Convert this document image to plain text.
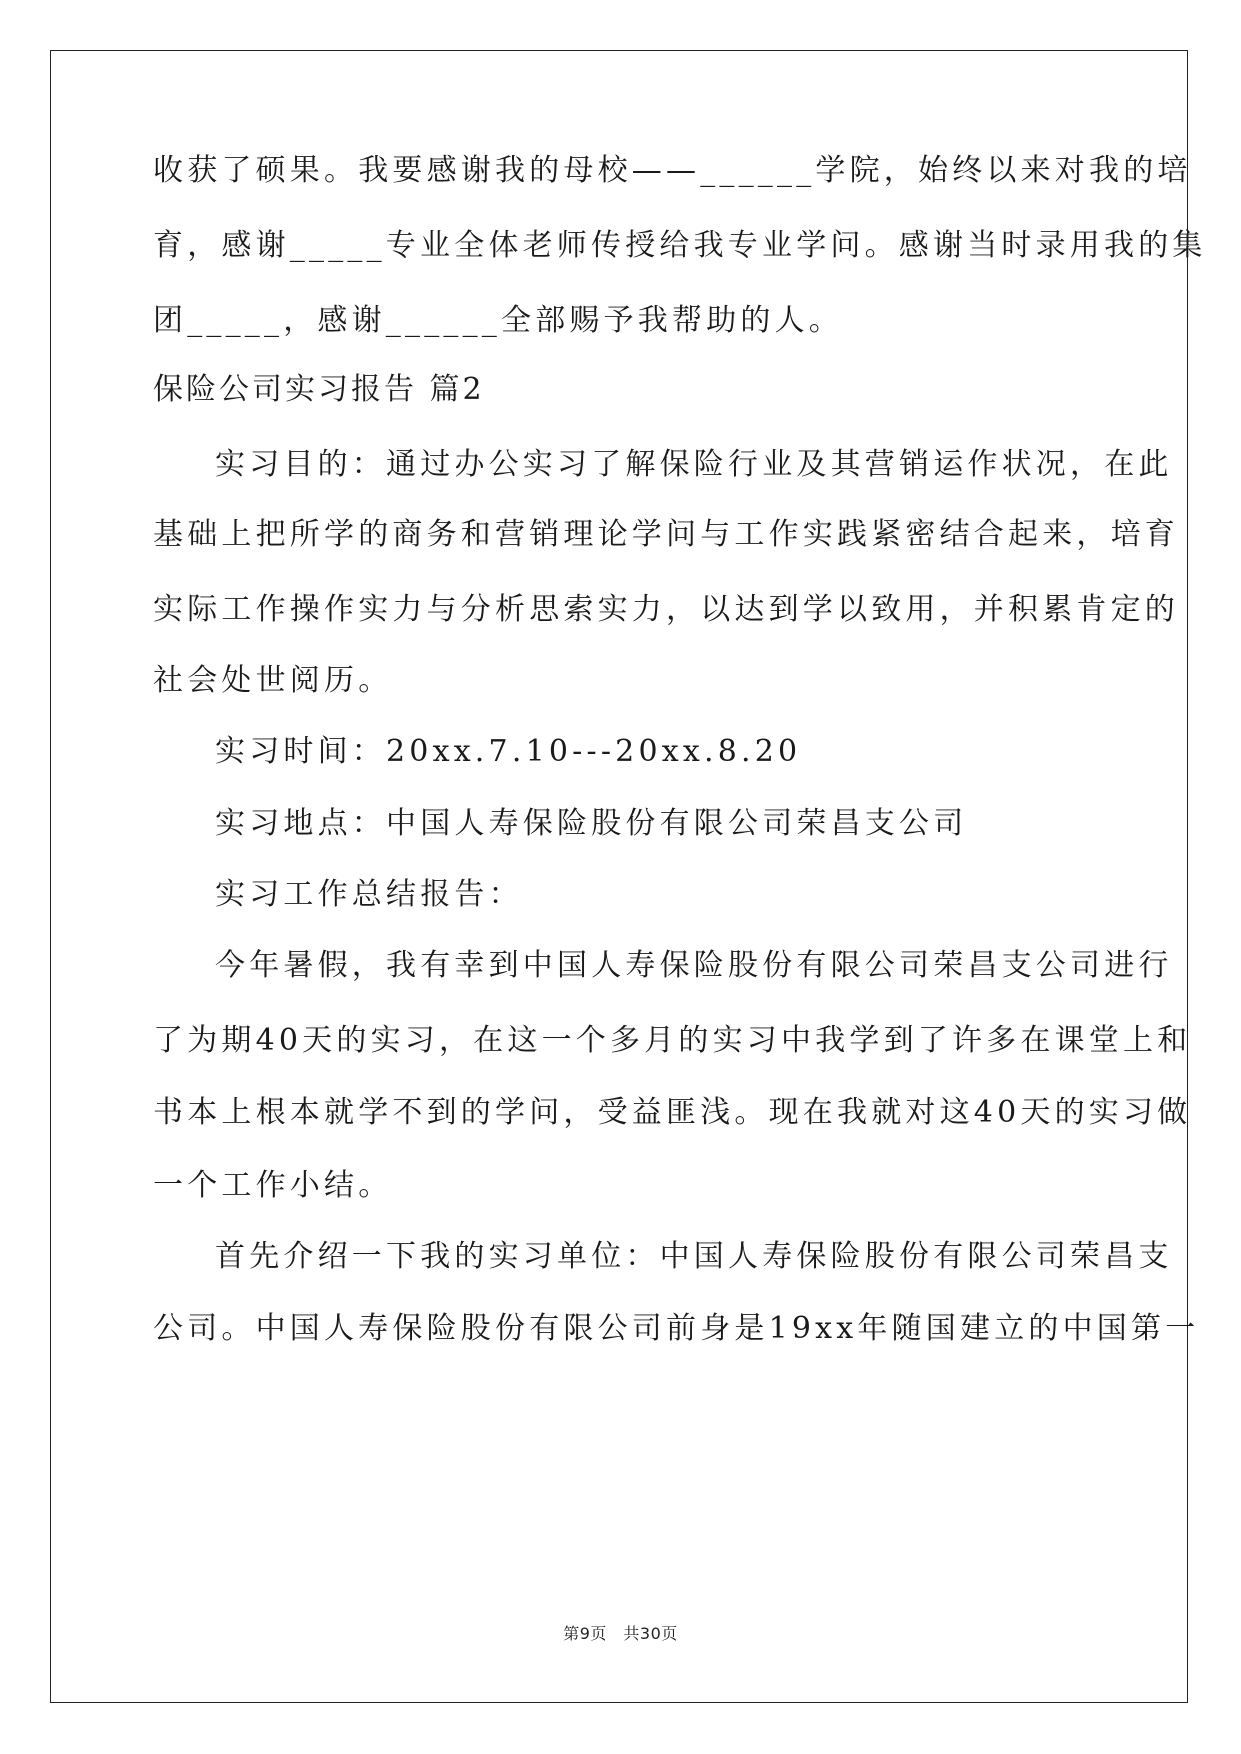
收获了硕果。我要感谢我的母校——______学院，始终以来对我的培
育，感谢_____专业全体老师传授给我专业学问。感谢当时录用我的集
团_____，感谢______全部赐予我帮助的人。
保险公司实习报告 篇2
实习目的：通过办公实习了解保险行业及其营销运作状况，在此
基础上把所学的商务和营销理论学问与工作实践紧密结合起来，培育
实际工作操作实力与分析思索实力，以达到学以致用，并积累肯定的
社会处世阅历。
实习时间：20xx.7.10---20xx.8.20
实习地点：中国人寿保险股份有限公司荣昌支公司
实习工作总结报告：
今年暑假，我有幸到中国人寿保险股份有限公司荣昌支公司进行
了为期40天的实习，在这一个多月的实习中我学到了许多在课堂上和
书本上根本就学不到的学问，受益匪浅。现在我就对这40天的实习做
一个工作小结。
首先介绍一下我的实习单位：中国人寿保险股份有限公司荣昌支
公司。中国人寿保险股份有限公司前身是19xx年随国建立的中国第一
第9页　共30页
